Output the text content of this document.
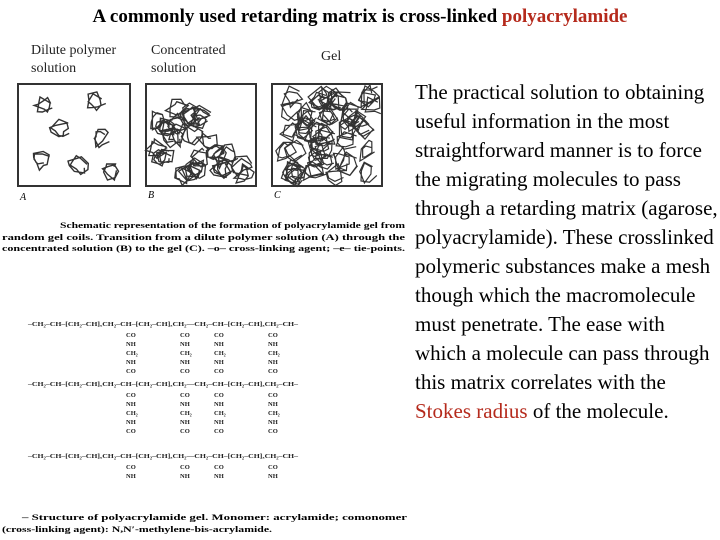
A commonly used retarding matrix is cross-linked polyacrylamide
Dilute polymer solution
Concentrated solution
Gel
A	B	C
Schematic representation of the formation of polyacrylamide gel from
random gel coils. Transition from a dilute polymer solution (A) through the
concentrated solution (B) to the gel (C). –o– cross-linking agent; –e– tie-points.
–CH₂–CH–[CH₂–CH]ₓCH₂–CH–[CH₂–CH]ₓCH₂––CH₂–CH–[CH₂–CH]ₓCH₂–CH–
–CH₂–CH–[CH₂–CH]ₓCH₂–CH–[CH₂–CH]ₓCH₂––CH₂–CH–[CH₂–CH]ₓCH₂–CH–
–CH₂–CH–[CH₂–CH]ₓCH₂–CH–[CH₂–CH]ₓCH₂––CH₂–CH–[CH₂–CH]ₓCH₂–CH–
CO
NH
CH₂
NH
CO
CO
NH
CH₂
NH
CO
CO
NH
CO
NH
CH₂
NH
CO
CO
NH
CH₂
NH
CO
CO
NH
CO
NH
CH₂
NH
CO
CO
NH
CH₂
NH
CO
CO
NH
CO
NH
CH₂
NH
CO
CO
NH
CH₂
NH
CO
CO
NH
– Structure of polyacrylamide gel. Monomer: acrylamide; comonomer
(cross-linking agent): N,N′-methylene-bis-acrylamide.
The practical solution to obtaining useful information in the most straightforward manner is to force the migrating molecules to pass through a retarding matrix (agarose, polyacrylamide). These crosslinked polymeric substances make a mesh though which the macromolecule must penetrate. The ease with which a molecule can pass through this matrix correlates with the Stokes radius of the molecule.
